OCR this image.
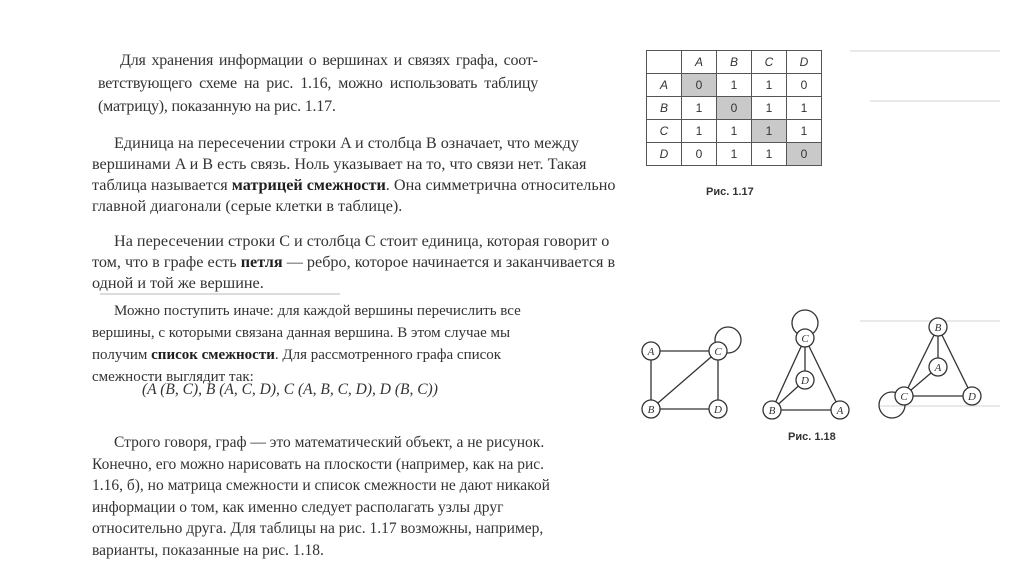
Для хранения информации о вершинах и связях графа, соответствующего схеме на рис. 1.16, можно использовать таблицу (матрицу), показанную на рис. 1.17.
Единица на пересечении строки A и столбца B означает, что между вершинами A и B есть связь. Ноль указывает на то, что связи нет. Такая таблица называется матрицей смежности. Она симметрична относительно главной диагонали (серые клетки в таблице).
На пересечении строки C и столбца C стоит единица, которая говорит о том, что в графе есть петля — ребро, которое начинается и заканчивается в одной и той же вершине.
Можно поступить иначе: для каждой вершины перечислить все вершины, с которыми связана данная вершина. В этом случае мы получим список смежности. Для рассмотренного графа список смежности выглядит так:
(A (B, C), B (A, C, D), C (A, B, C, D), D (B, C))
Строго говоря, граф — это математический объект, а не рисунок. Конечно, его можно нарисовать на плоскости (например, как на рис. 1.16, б), но матрица смежности и список смежности не дают никакой информации о том, как именно следует располагать узлы друг относительно друга. Для таблицы на рис. 1.17 возможны, например, варианты, показанные на рис. 1.18.
	A	B	C	D
A	0	1	1	0
B	1	0	1	1
C	1	1	1	1
D	0	1	1	0
Рис. 1.17
A	C
B	D
C
D
B	A
B
A
C	D
Рис. 1.18
